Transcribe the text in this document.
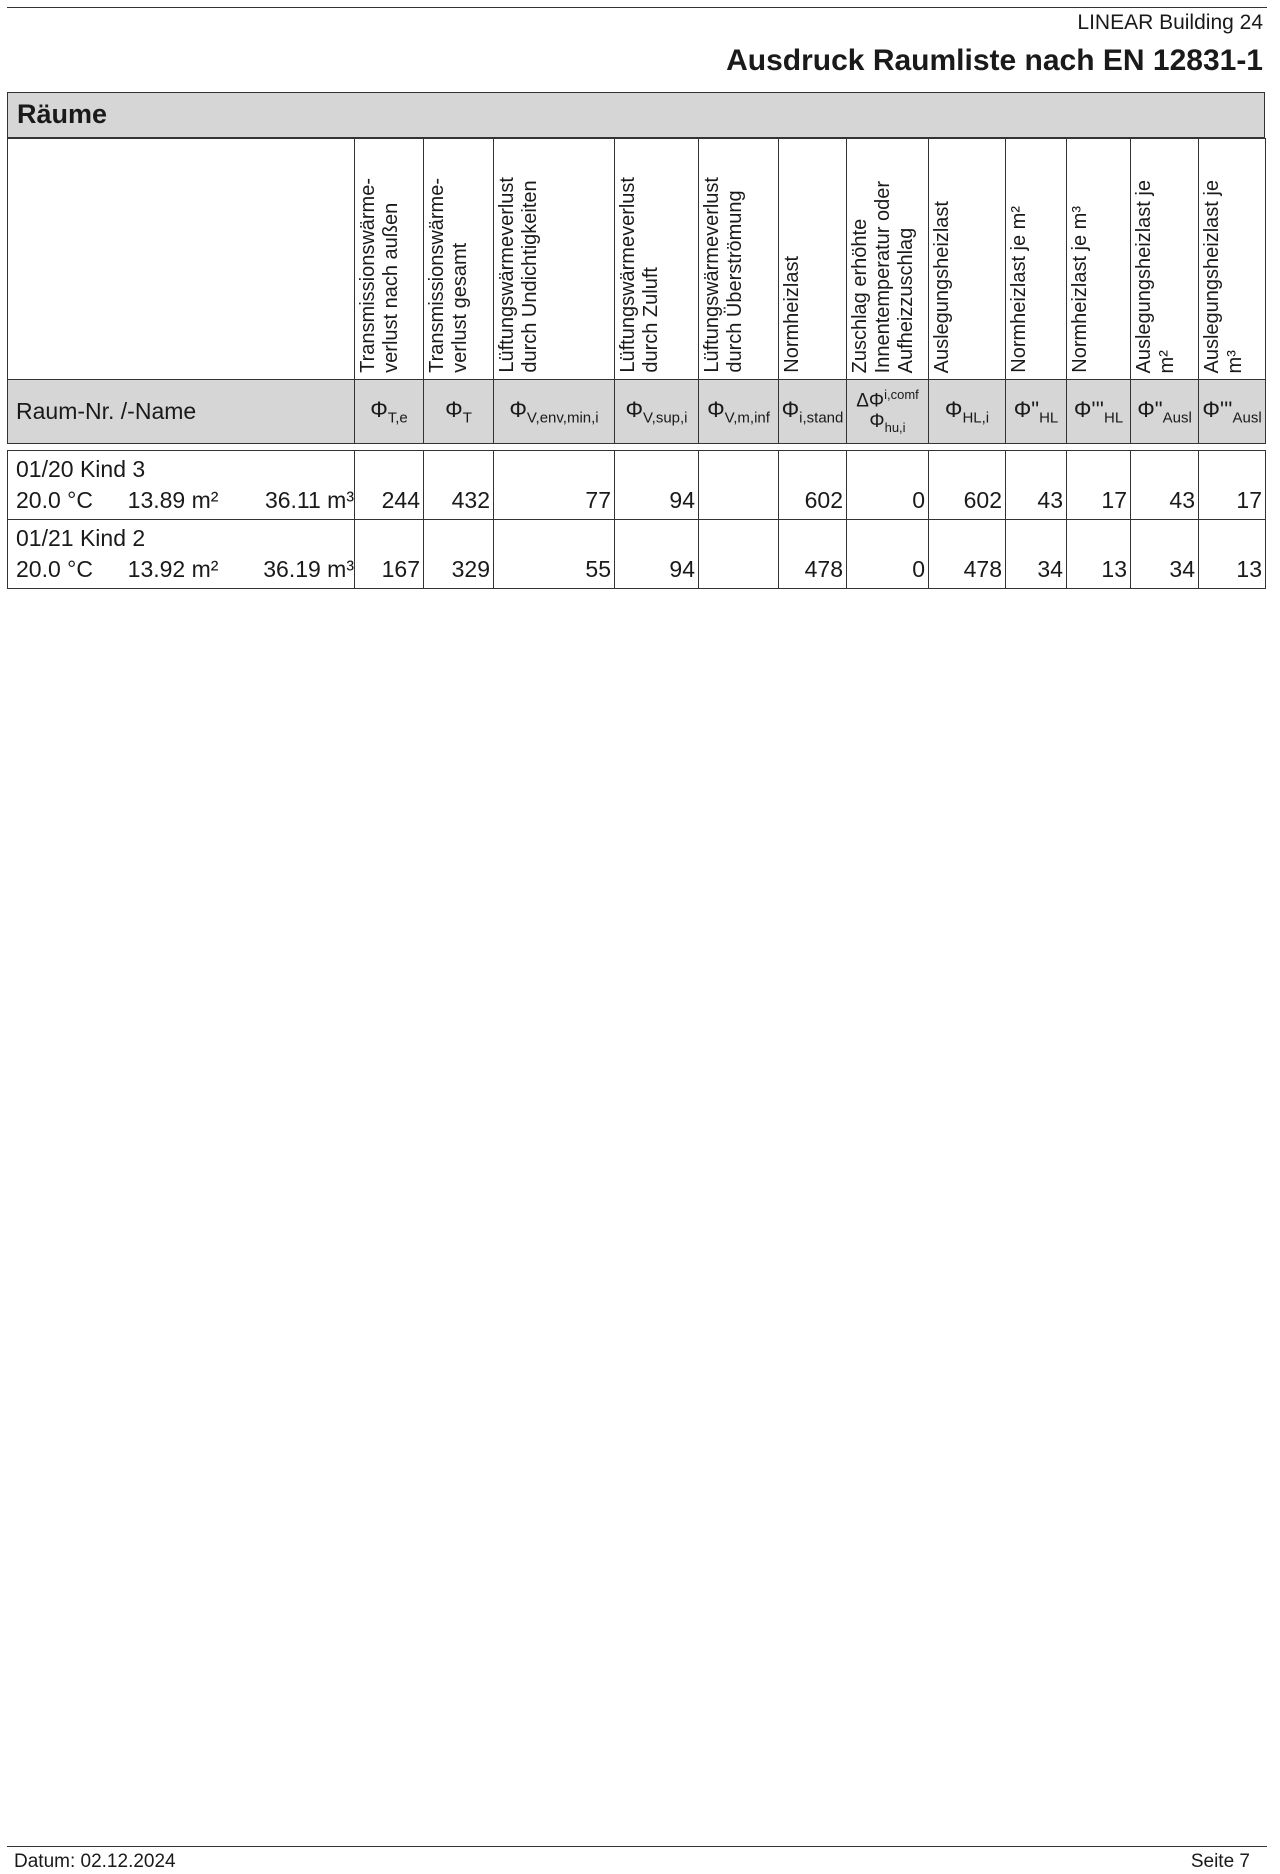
LINEAR Building 24
Ausdruck Raumliste nach EN 12831-1
Räume

	Transmissionswärme-
verlust nach außen	Transmissionswärme-
verlust gesamt	Lüftungswärmeverlust
durch Undichtigkeiten	Lüftungswärmeverlust
durch Zuluft	Lüftungswärmeverlust
durch Überströmung	Normheizlast	Zuschlag erhöhte
Innentemperatur oder
Aufheizzuschlag	Auslegungsheizlast	Normheizlast je m²	Normheizlast je m³	Auslegungsheizlast je
m²	Auslegungsheizlast je
m³

Raum-Nr. /-Name	$\Phi_{T,e}$	$\Phi_T$	$\Phi_{V,env,min,i}$	$\Phi_{V,sup,i}$	$\Phi_{V,m,inf}$	$\Phi_{i,stand}$	$\Delta\Phi^{i,comf}$
$\Phi_{hu,i}$	$\Phi_{HL,i}$	$\Phi"_{HL}$	$\Phi'''_{HL}$	$\Phi"_{Ausl}$	$\Phi'''_{Ausl}$
01/20 Kind 3
20.0 °C 13.89 m² 36.11 m³	244	432	77	94		602	0	602	43	17	43	17

01/21 Kind 2
20.0 °C 13.92 m² 36.19 m³	167	329	55	94		478	0	478	34	13	34	13
Datum: 02.12.2024	Seite 7
